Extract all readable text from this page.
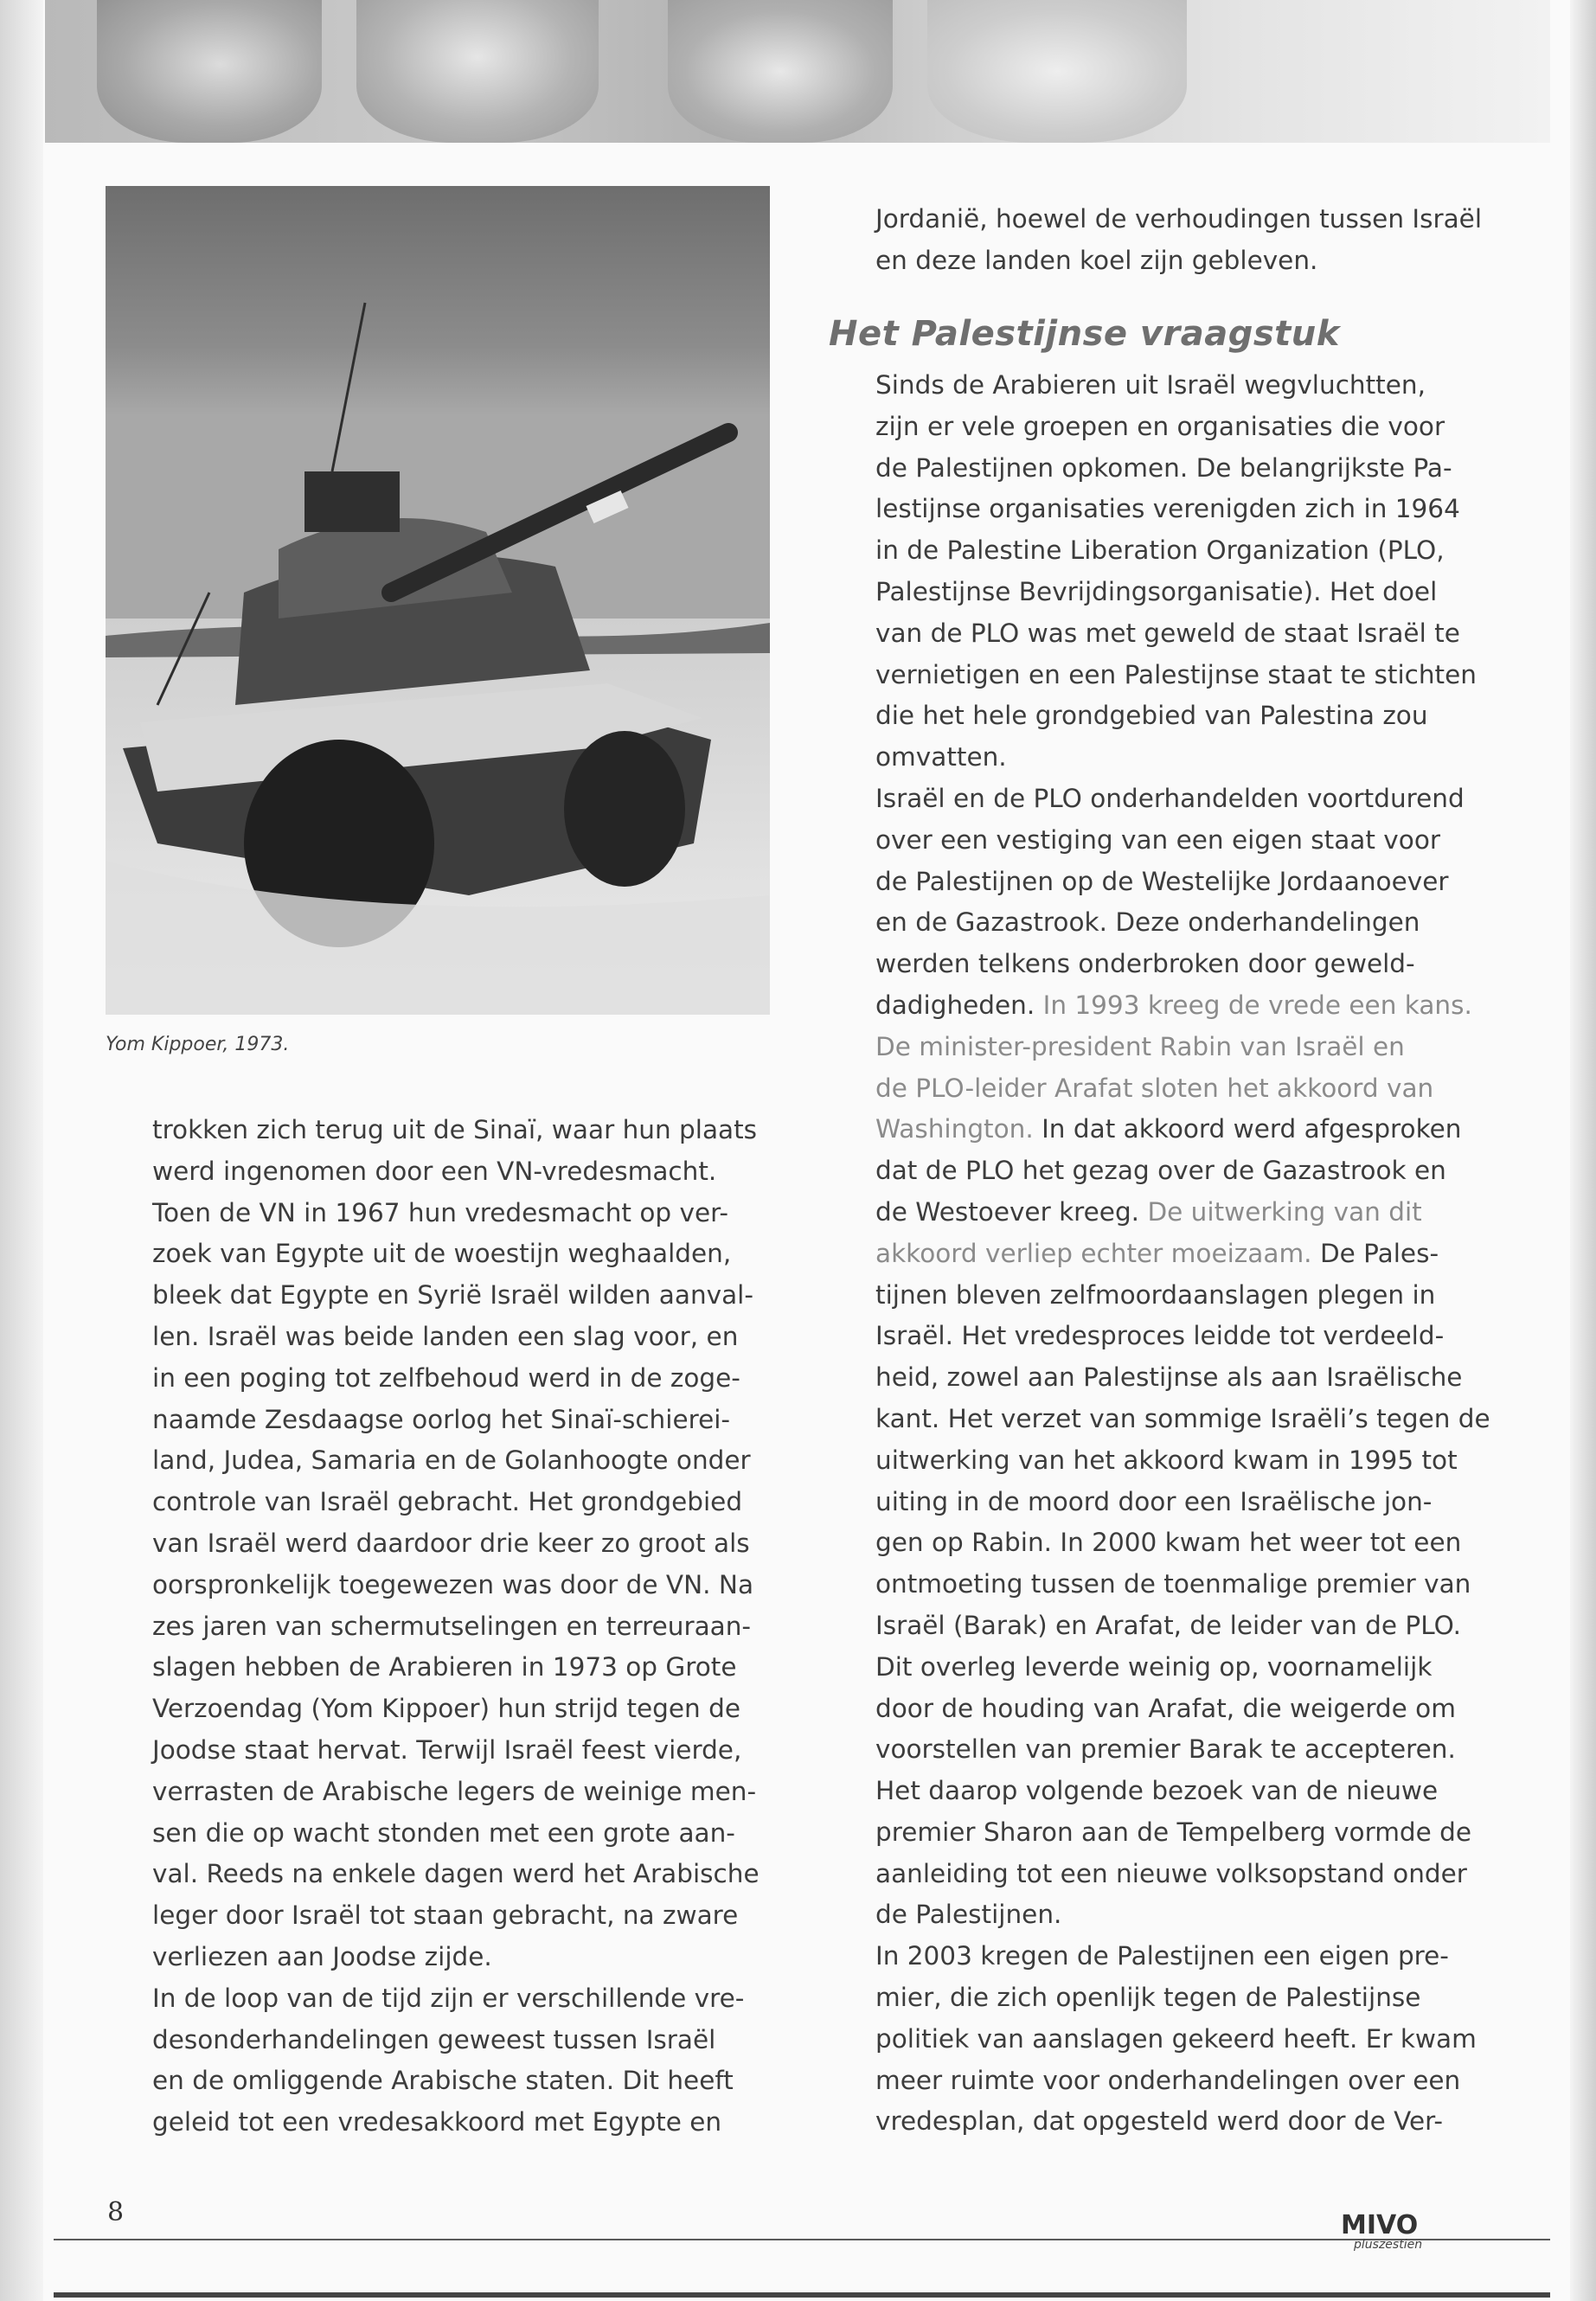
Yom Kippoer, 1973.
trokken zich terug uit de Sinaï, waar hun plaats
werd ingenomen door een VN-vredesmacht.
Toen de VN in 1967 hun vredesmacht op ver-
zoek van Egypte uit de woestijn weghaalden,
bleek dat Egypte en Syrië Israël wilden aanval-
len. Israël was beide landen een slag voor, en
in een poging tot zelfbehoud werd in de zoge-
naamde Zesdaagse oorlog het Sinaï-schierei-
land, Judea, Samaria en de Golanhoogte onder
controle van Israël gebracht. Het grondgebied
van Israël werd daardoor drie keer zo groot als
oorspronkelijk toegewezen was door de VN. Na
zes jaren van schermutselingen en terreuraan-
slagen hebben de Arabieren in 1973 op Grote
Verzoendag (Yom Kippoer) hun strijd tegen de
Joodse staat hervat. Terwijl Israël feest vierde,
verrasten de Arabische legers de weinige men-
sen die op wacht stonden met een grote aan-
val. Reeds na enkele dagen werd het Arabische
leger door Israël tot staan gebracht, na zware
verliezen aan Joodse zijde.
In de loop van de tijd zijn er verschillende vre-
desonderhandelingen geweest tussen Israël
en de omliggende Arabische staten. Dit heeft
geleid tot een vredesakkoord met Egypte en
Jordanië, hoewel de verhoudingen tussen Israël
en deze landen koel zijn gebleven.
Het Palestijnse vraagstuk
Sinds de Arabieren uit Israël wegvluchtten,
zijn er vele groepen en organisaties die voor
de Palestijnen opkomen. De belangrijkste Pa-
lestijnse organisaties verenigden zich in 1964
in de Palestine Liberation Organization (PLO,
Palestijnse Bevrijdingsorganisatie). Het doel
van de PLO was met geweld de staat Israël te
vernietigen en een Palestijnse staat te stichten
die het hele grondgebied van Palestina zou
omvatten.
Israël en de PLO onderhandelden voortdurend
over een vestiging van een eigen staat voor
de Palestijnen op de Westelijke Jordaanoever
en de Gazastrook. Deze onderhandelingen
werden telkens onderbroken door geweld-
dadigheden. In 1993 kreeg de vrede een kans.
De minister-president Rabin van Israël en
de PLO-leider Arafat sloten het akkoord van
Washington. In dat akkoord werd afgesproken
dat de PLO het gezag over de Gazastrook en
de Westoever kreeg. De uitwerking van dit
akkoord verliep echter moeizaam. De Pales-
tijnen bleven zelfmoordaanslagen plegen in
Israël. Het vredesproces leidde tot verdeeld-
heid, zowel aan Palestijnse als aan Israëlische
kant. Het verzet van sommige Israëli’s tegen de
uitwerking van het akkoord kwam in 1995 tot
uiting in de moord door een Israëlische jon-
gen op Rabin. In 2000 kwam het weer tot een
ontmoeting tussen de toenmalige premier van
Israël (Barak) en Arafat, de leider van de PLO.
Dit overleg leverde weinig op, voornamelijk
door de houding van Arafat, die weigerde om
voorstellen van premier Barak te accepteren.
Het daarop volgende bezoek van de nieuwe
premier Sharon aan de Tempelberg vormde de
aanleiding tot een nieuwe volksopstand onder
de Palestijnen.
In 2003 kregen de Palestijnen een eigen pre-
mier, die zich openlijk tegen de Palestijnse
politiek van aanslagen gekeerd heeft. Er kwam
meer ruimte voor onderhandelingen over een
vredesplan, dat opgesteld werd door de Ver-
8	MIVO
pluszestien
